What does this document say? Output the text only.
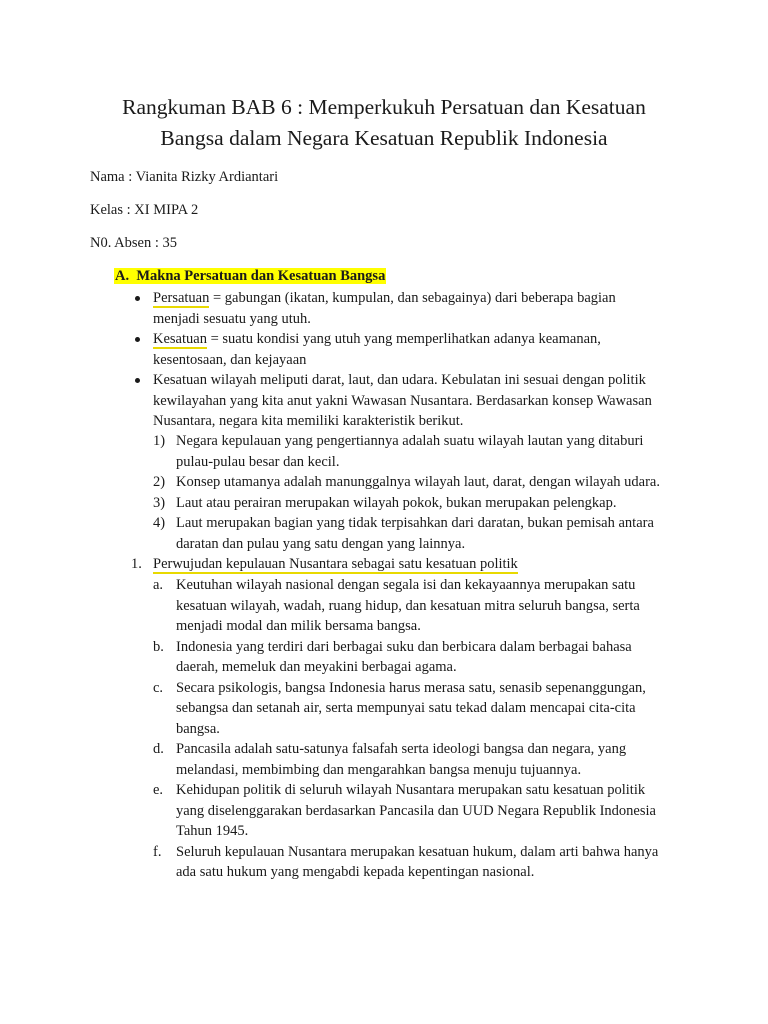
Rangkuman BAB 6 : Memperkukuh Persatuan dan Kesatuan
Bangsa dalam Negara Kesatuan Republik Indonesia
Nama : Vianita Rizky Ardiantari
Kelas : XI MIPA 2
N0. Absen : 35
A. Makna Persatuan dan Kesatuan Bangsa
Persatuan = gabungan (ikatan, kumpulan, dan sebagainya) dari beberapa bagian
menjadi sesuatu yang utuh.
Kesatuan = suatu kondisi yang utuh yang memperlihatkan adanya keamanan,
kesentosaan, dan kejayaan
Kesatuan wilayah meliputi darat, laut, dan udara. Kebulatan ini sesuai dengan politik
kewilayahan yang kita anut yakni Wawasan Nusantara. Berdasarkan konsep Wawasan
Nusantara, negara kita memiliki karakteristik berikut.
1) Negara kepulauan yang pengertiannya adalah suatu wilayah lautan yang ditaburi
pulau-pulau besar dan kecil.
2) Konsep utamanya adalah manunggalnya wilayah laut, darat, dengan wilayah udara.
3) Laut atau perairan merupakan wilayah pokok, bukan merupakan pelengkap.
4) Laut merupakan bagian yang tidak terpisahkan dari daratan, bukan pemisah antara
daratan dan pulau yang satu dengan yang lainnya.
1. Perwujudan kepulauan Nusantara sebagai satu kesatuan politik
a. Keutuhan wilayah nasional dengan segala isi dan kekayaannya merupakan satu
kesatuan wilayah, wadah, ruang hidup, dan kesatuan mitra seluruh bangsa, serta
menjadi modal dan milik bersama bangsa.
b. Indonesia yang terdiri dari berbagai suku dan berbicara dalam berbagai bahasa
daerah, memeluk dan meyakini berbagai agama.
c. Secara psikologis, bangsa Indonesia harus merasa satu, senasib sepenanggungan,
sebangsa dan setanah air, serta mempunyai satu tekad dalam mencapai cita-cita
bangsa.
d. Pancasila adalah satu-satunya falsafah serta ideologi bangsa dan negara, yang
melandasi, membimbing dan mengarahkan bangsa menuju tujuannya.
e. Kehidupan politik di seluruh wilayah Nusantara merupakan satu kesatuan politik
yang diselenggarakan berdasarkan Pancasila dan UUD Negara Republik Indonesia
Tahun 1945.
f. Seluruh kepulauan Nusantara merupakan kesatuan hukum, dalam arti bahwa hanya
ada satu hukum yang mengabdi kepada kepentingan nasional.
